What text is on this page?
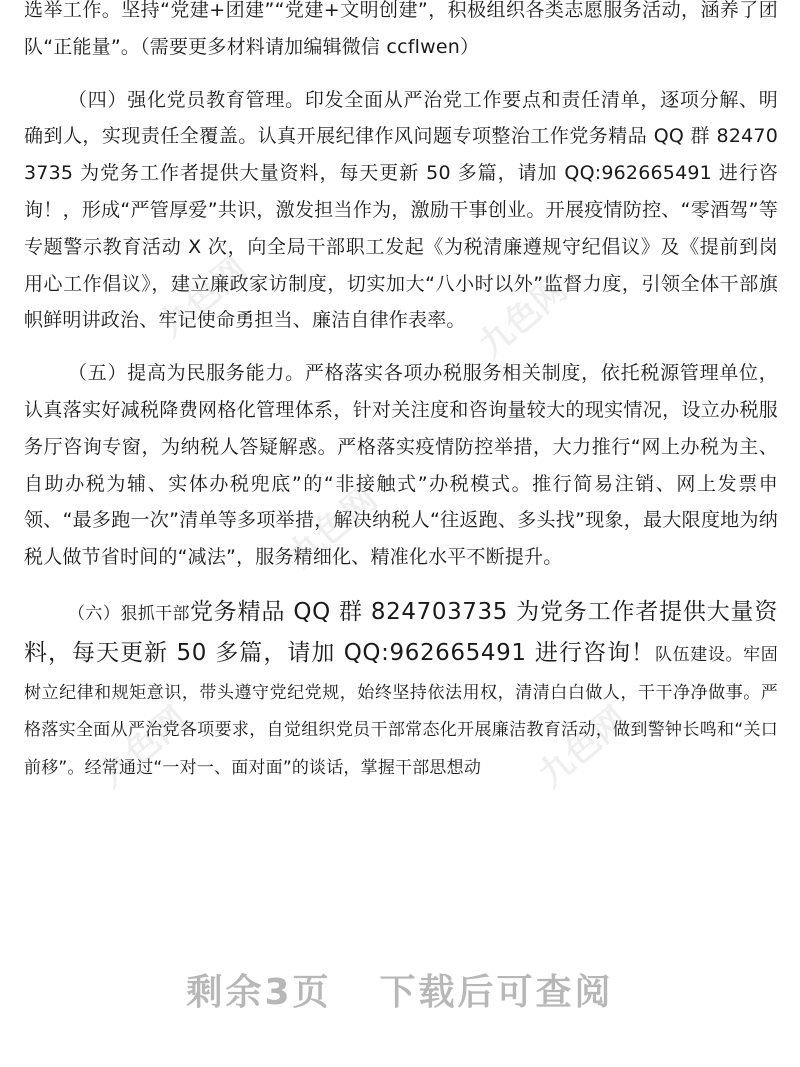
九色网	九色网
九色网
九色网	九色网

选举工作。坚持“党建+团建”“党建+文明创建”，积极组织各类志愿服务活动，涵养了团队“正能量”。（需要更多材料请加编辑微信 ccflwen）

（四）强化党员教育管理。印发全面从严治党工作要点和责任清单，逐项分解、明确到人，实现责任全覆盖。认真开展纪律作风问题专项整治工作党务精品 QQ 群 824703735 为党务工作者提供大量资料，每天更新 50 多篇，请加 QQ:962665491 进行咨询！，形成“严管厚爱”共识，激发担当作为，激励干事创业。开展疫情防控、“零酒驾”等专题警示教育活动 X 次，向全局干部职工发起《为税清廉遵规守纪倡议》及《提前到岗用心工作倡议》，建立廉政家访制度，切实加大“八小时以外”监督力度，引领全体干部旗帜鲜明讲政治、牢记使命勇担当、廉洁自律作表率。

（五）提高为民服务能力。严格落实各项办税服务相关制度，依托税源管理单位，认真落实好减税降费网格化管理体系，针对关注度和咨询量较大的现实情况，设立办税服务厅咨询专窗，为纳税人答疑解惑。严格落实疫情防控举措，大力推行“网上办税为主、自助办税为辅、实体办税兜底”的“非接触式”办税模式。推行简易注销、网上发票申领、“最多跑一次”清单等多项举措，解决纳税人“往返跑、多头找”现象，最大限度地为纳税人做节省时间的“减法”，服务精细化、精准化水平不断提升。

（六）狠抓干部党务精品 QQ 群 824703735 为党务工作者提供大量资料，每天更新 50 多篇，请加 QQ:962665491 进行咨询！队伍建设。牢固树立纪律和规矩意识，带头遵守党纪党规，始终坚持依法用权，清清白白做人，干干净净做事。严格落实全面从严治党各项要求，自觉组织党员干部常态化开展廉洁教育活动，做到警钟长鸣和“关口前移”。经常通过“一对一、面对面”的谈话，掌握干部思想动

剩余3页 下载后可查阅
